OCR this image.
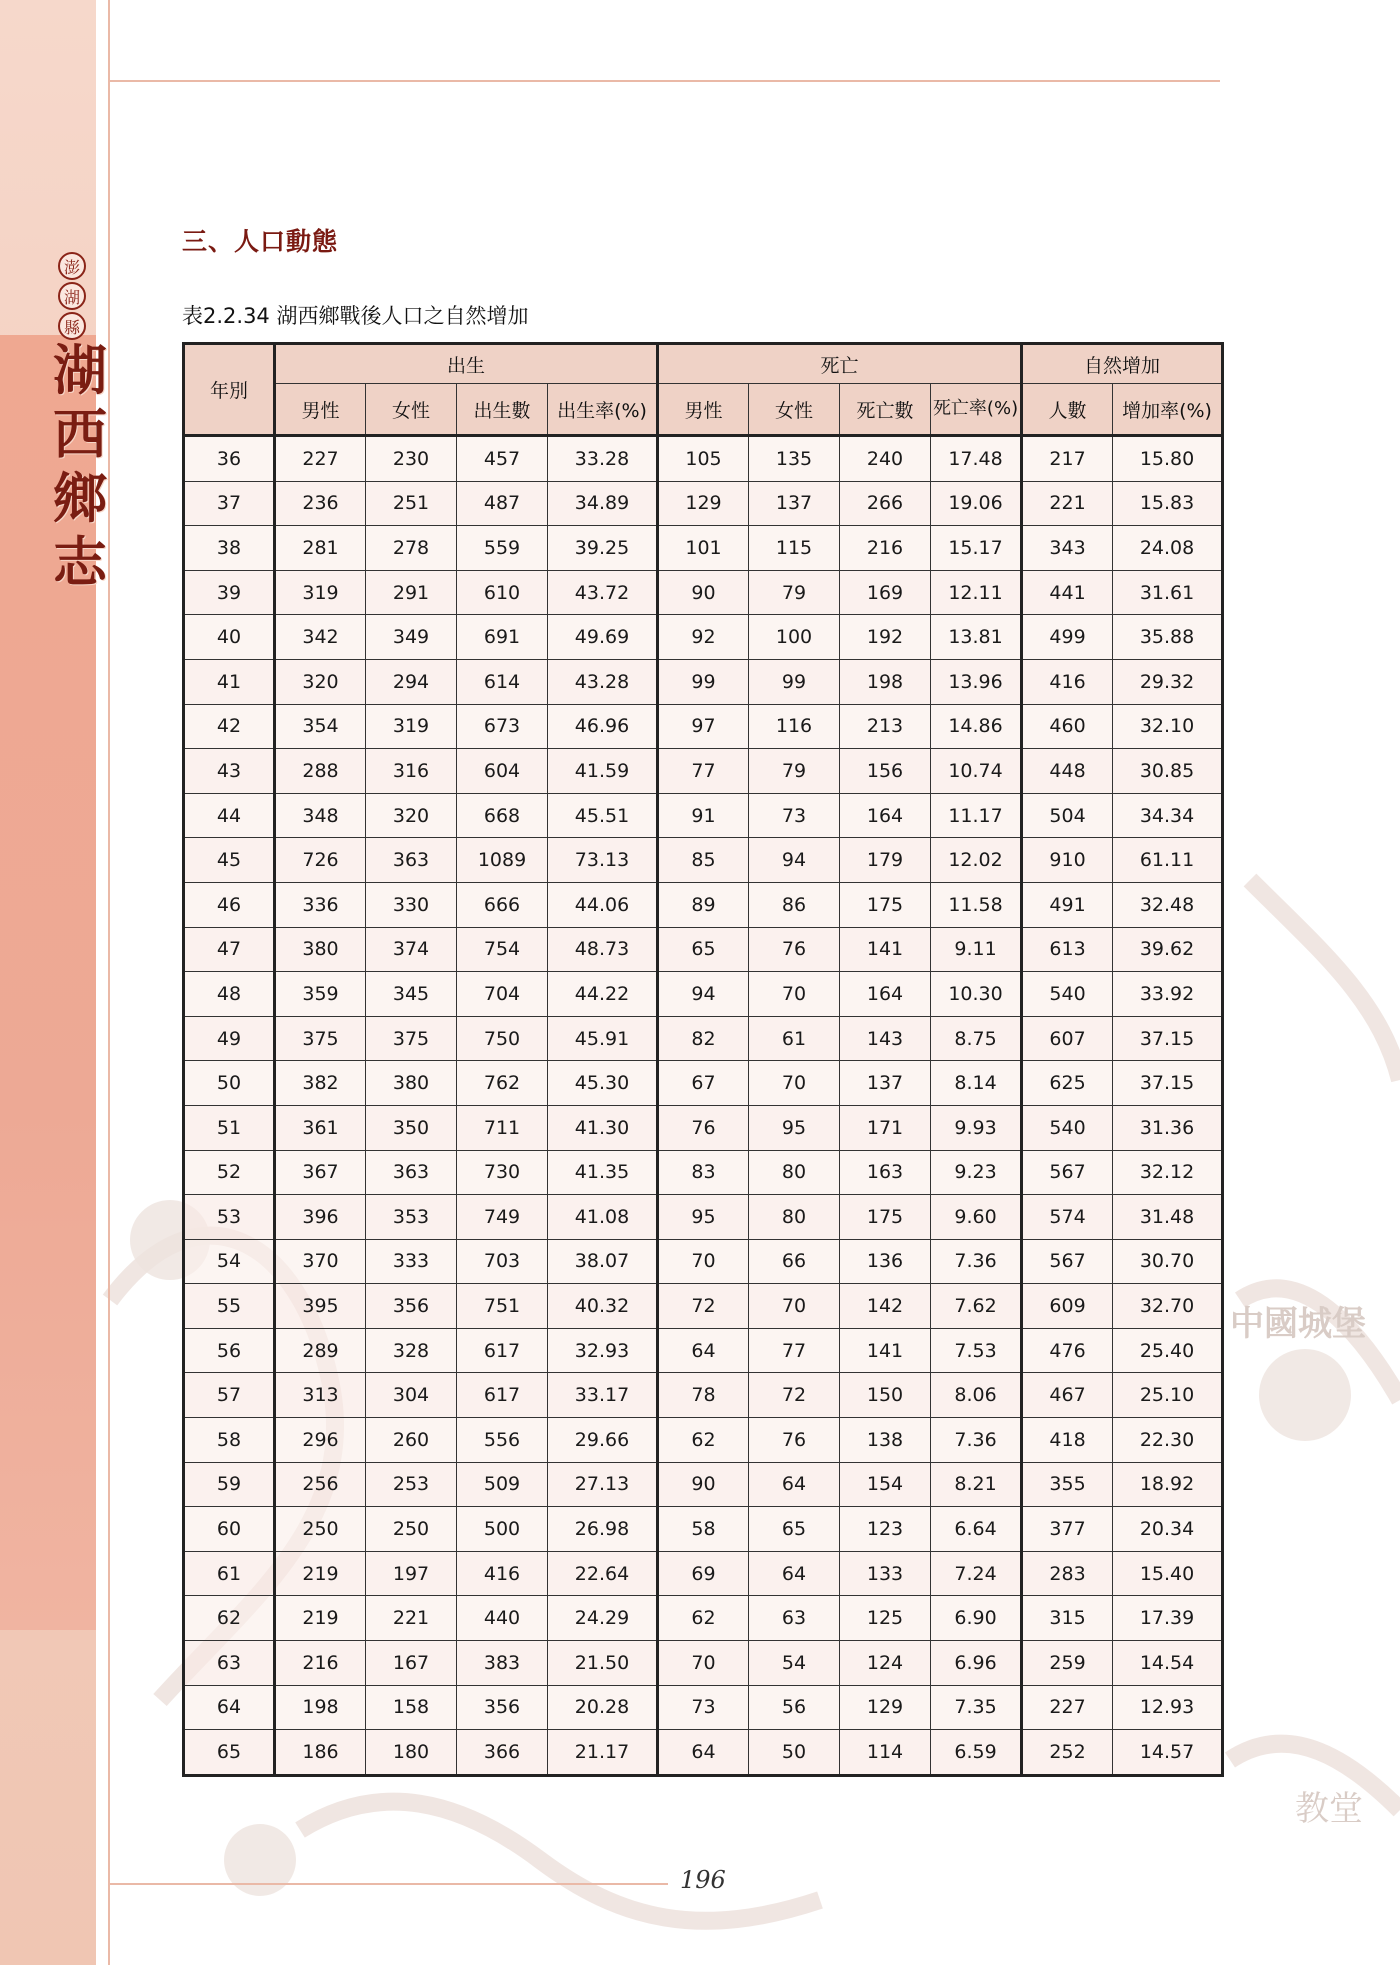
中國城堡
教堂
澎
湖
縣
湖
西
鄉
志
三、人口動態
表2.2.34 湖西鄉戰後人口之自然增加
年別	出生				死亡				自然增加	
	男性	女性	出生數	出生率(%)	男性	女性	死亡數	死亡率(%)	人數	增加率(%)
36	227	230	457	33.28	105	135	240	17.48	217	15.80
37	236	251	487	34.89	129	137	266	19.06	221	15.83
38	281	278	559	39.25	101	115	216	15.17	343	24.08
39	319	291	610	43.72	90	79	169	12.11	441	31.61
40	342	349	691	49.69	92	100	192	13.81	499	35.88
41	320	294	614	43.28	99	99	198	13.96	416	29.32
42	354	319	673	46.96	97	116	213	14.86	460	32.10
43	288	316	604	41.59	77	79	156	10.74	448	30.85
44	348	320	668	45.51	91	73	164	11.17	504	34.34
45	726	363	1089	73.13	85	94	179	12.02	910	61.11
46	336	330	666	44.06	89	86	175	11.58	491	32.48
47	380	374	754	48.73	65	76	141	9.11	613	39.62
48	359	345	704	44.22	94	70	164	10.30	540	33.92
49	375	375	750	45.91	82	61	143	8.75	607	37.15
50	382	380	762	45.30	67	70	137	8.14	625	37.15
51	361	350	711	41.30	76	95	171	9.93	540	31.36
52	367	363	730	41.35	83	80	163	9.23	567	32.12
53	396	353	749	41.08	95	80	175	9.60	574	31.48
54	370	333	703	38.07	70	66	136	7.36	567	30.70
55	395	356	751	40.32	72	70	142	7.62	609	32.70
56	289	328	617	32.93	64	77	141	7.53	476	25.40
57	313	304	617	33.17	78	72	150	8.06	467	25.10
58	296	260	556	29.66	62	76	138	7.36	418	22.30
59	256	253	509	27.13	90	64	154	8.21	355	18.92
60	250	250	500	26.98	58	65	123	6.64	377	20.34
61	219	197	416	22.64	69	64	133	7.24	283	15.40
62	219	221	440	24.29	62	63	125	6.90	315	17.39
63	216	167	383	21.50	70	54	124	6.96	259	14.54
64	198	158	356	20.28	73	56	129	7.35	227	12.93
65	186	180	366	21.17	64	50	114	6.59	252	14.57
196
